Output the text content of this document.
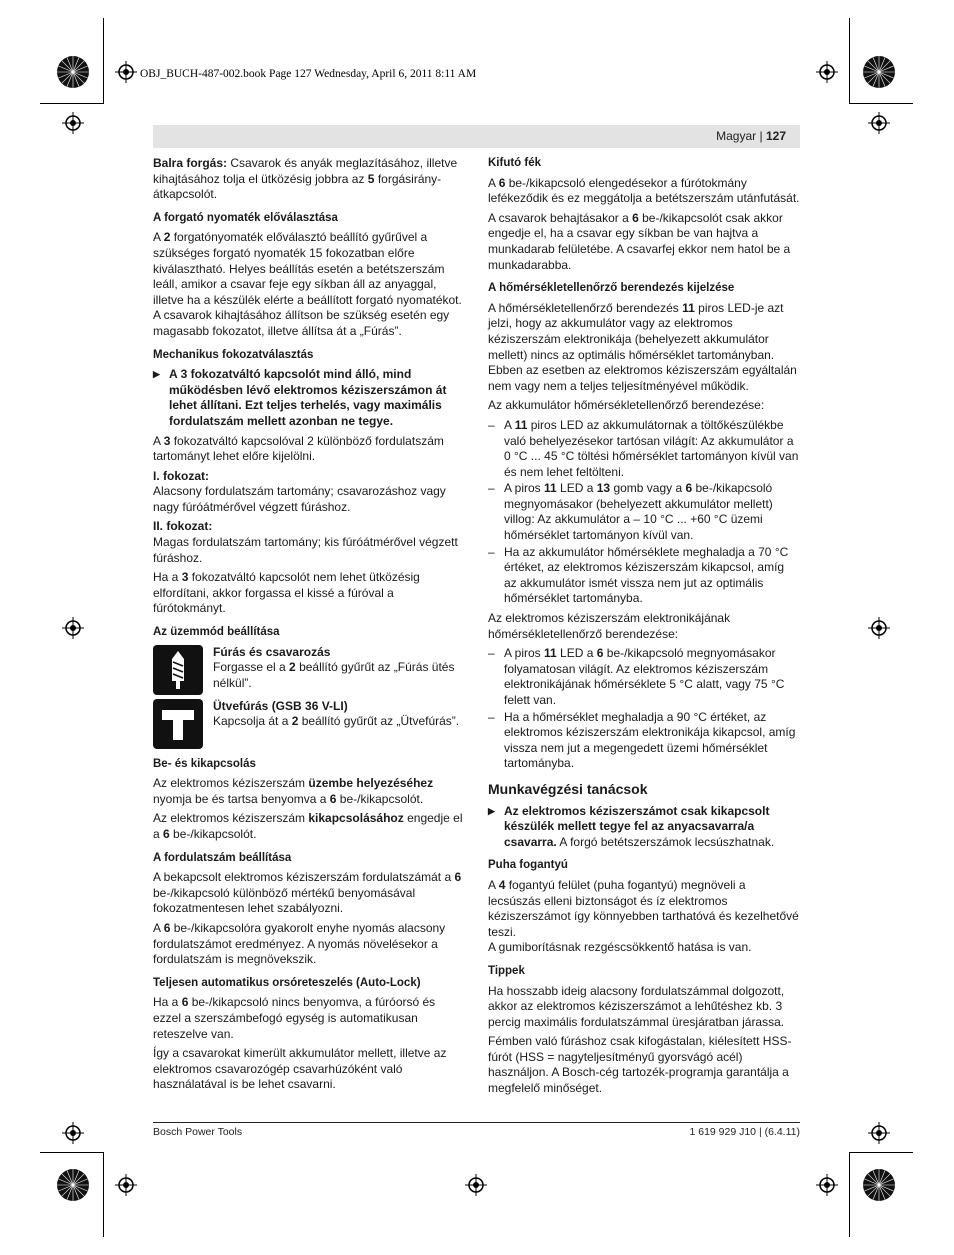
OBJ_BUCH-487-002.book Page 127 Wednesday, April 6, 2011 8:11 AM
Magyar | 127

Balra forgás: Csavarok és anyák meglazításához, illetve kihajtásához tolja el ütközésig jobbra az 5 forgásirány-átkapcsolót.

A forgató nyomaték előválasztása

A 2 forgatónyomaték előválasztó beállító gyűrűvel a szükséges forgató nyomaték 15 fokozatban előre kiválasztható. Helyes beállítás esetén a betétszerszám leáll, amikor a csavar feje egy síkban áll az anyaggal, illetve ha a készülék elérte a beállított forgató nyomatékot.
A csavarok kihajtásához állítson be szükség esetén egy magasabb fokozatot, illetve állítsa át a „Fúrás”.

Mechanikus fokozatválasztás

▶ A 3 fokozatváltó kapcsolót mind álló, mind működésben lévő elektromos kéziszerszámon át lehet állítani. Ezt teljes terhelés, vagy maximális fordulatszám mellett azonban ne tegye.

A 3 fokozatváltó kapcsolóval 2 különböző fordulatszám tartományt lehet előre kijelölni.

I. fokozat:

Alacsony fordulatszám tartomány; csavarozáshoz vagy nagy fúróátmérővel végzett fúráshoz.

II. fokozat:

Magas fordulatszám tartomány; kis fúróátmérővel végzett fúráshoz.

Ha a 3 fokozatváltó kapcsolót nem lehet ütközésig elfordítani, akkor forgassa el kissé a fúróval a fúrótokmányt.

Az üzemmód beállítása
Fúrás és csavarozás
Forgasse el a 2 beállító gyűrűt az „Fúrás ütés nélkül”.
Ütvefúrás (GSB 36 V-LI)
Kapcsolja át a 2 beállító gyűrűt az „Ütvefúrás”.
Be- és kikapcsolás

Az elektromos kéziszerszám üzembe helyezéséhez nyomja be és tartsa benyomva a 6 be-/kikapcsolót.

Az elektromos kéziszerszám kikapcsolásához engedje el a 6 be-/kikapcsolót.

A fordulatszám beállítása

A bekapcsolt elektromos kéziszerszám fordulatszámát a 6 be-/kikapcsoló különböző mértékű benyomásával fokozatmentesen lehet szabályozni.

A 6 be-/kikapcsolóra gyakorolt enyhe nyomás alacsony fordulatszámot eredményez. A nyomás növelésekor a fordulatszám is megnövekszik.

Teljesen automatikus orsóreteszelés (Auto-Lock)

Ha a 6 be-/kikapcsoló nincs benyomva, a fúróorsó és ezzel a szerszámbefogó egység is automatikusan reteszelve van.

Így a csavarokat kimerült akkumulátor mellett, illetve az elektromos csavarozógép csavarhúzóként való használatával is be lehet csavarni.

Kifutó fék

A 6 be-/kikapcsoló elengedésekor a fúrótokmány lefékeződik és ez meggátolja a betétszerszám utánfutását.

A csavarok behajtásakor a 6 be-/kikapcsolót csak akkor engedje el, ha a csavar egy síkban be van hajtva a munkadarab felületébe. A csavarfej ekkor nem hatol be a munkadarabba.

A hőmérsékletellenőrző berendezés kijelzése

A hőmérsékletellenőrző berendezés 11 piros LED-je azt jelzi, hogy az akkumulátor vagy az elektromos kéziszerszám elektronikája (behelyezett akkumulátor mellett) nincs az optimális hőmérséklet tartományban. Ebben az esetben az elektromos kéziszerszám egyáltalán nem vagy nem a teljes teljesítményével működik.

Az akkumulátor hőmérsékletellenőrző berendezése:

– A 11 piros LED az akkumulátornak a töltőkészülékbe való behelyezésekor tartósan világít: Az akkumulátor a 0 °C ... 45 °C töltési hőmérséklet tartományon kívül van és nem lehet feltölteni.
– A piros 11 LED a 13 gomb vagy a 6 be-/kikapcsoló megnyomásakor (behelyezett akkumulátor mellett) villog: Az akkumulátor a – 10 °C ... +60 °C üzemi hőmérséklet tartományon kívül van.
– Ha az akkumulátor hőmérséklete meghaladja a 70 °C értéket, az elektromos kéziszerszám kikapcsol, amíg az akkumulátor ismét vissza nem jut az optimális hőmérséklet tartományba.

Az elektromos kéziszerszám elektronikájának hőmérsékletellenőrző berendezése:

– A piros 11 LED a 6 be-/kikapcsoló megnyomásakor folyamatosan világít. Az elektromos kéziszerszám elektronikájának hőmérséklete 5 °C alatt, vagy 75 °C felett van.
– Ha a hőmérséklet meghaladja a 90 °C értéket, az elektromos kéziszerszám elektronikája kikapcsol, amíg vissza nem jut a megengedett üzemi hőmérséklet tartományba.
Munkavégzési tanácsok

▶ Az elektromos kéziszerszámot csak kikapcsolt készülék mellett tegye fel az anyacsavarra/a csavarra. A forgó betétszerszámok lecsúszhatnak.

Puha fogantyú

A 4 fogantyú felület (puha fogantyú) megnöveli a lecsúszás elleni biztonságot és íz elektromos kéziszerszámot így könnyebben tarthatóvá és kezelhetővé teszi.
A gumiborításnak rezgéscsökkentő hatása is van.

Tippek

Ha hosszabb ideig alacsony fordulatszámmal dolgozott, akkor az elektromos kéziszerszámot a lehűtéshez kb. 3 percig maximális fordulatszámmal üresjáratban járassa.

Fémben való fúráshoz csak kifogástalan, kiélesített HSS-fúrót (HSS = nagyteljesítményű gyorsvágó acél) használjon. A Bosch-cég tartozék-programja garantálja a megfelelő minőséget.

Bosch Power Tools	1 619 929 J10 | (6.4.11)
